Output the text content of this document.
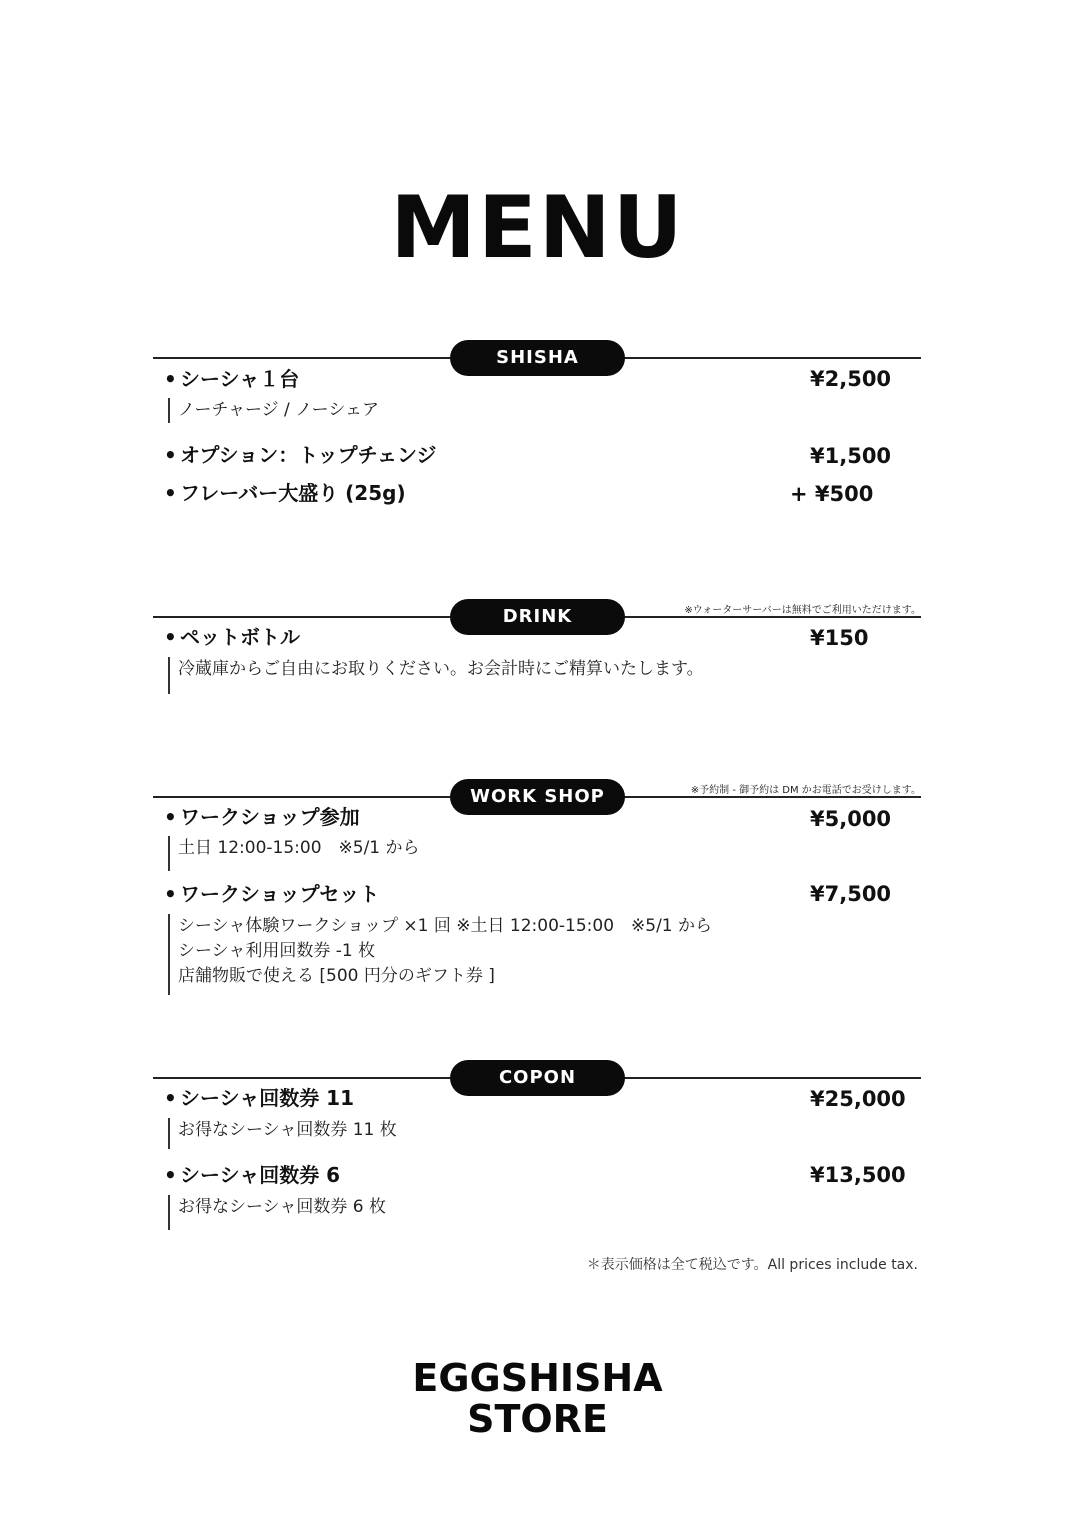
MENU
SHISHA
• シーシャ１台	¥2,500
ノーチャージ / ノーシェア
• オプション：トップチェンジ	¥1,500
• フレーバー大盛り (25g)	+ ¥500
DRINK	※ウォーターサーバーは無料でご利用いただけます。
• ペットボトル	¥150
冷蔵庫からご自由にお取りください。お会計時にご精算いたします。
WORK SHOP	※予約制 - 御予約は DM かお電話でお受けします。
• ワークショップ参加	¥5,000
土日 12:00-15:00　※5/1 から
• ワークショップセット	¥7,500
シーシャ体験ワークショップ ×1 回 ※土日 12:00-15:00　※5/1 から
シーシャ利用回数券 -1 枚
店舗物販で使える [500 円分のギフト券 ]
COPON
• シーシャ回数券 11	¥25,000
お得なシーシャ回数券 11 枚
• シーシャ回数券 6	¥13,500
お得なシーシャ回数券 6 枚
＊表示価格は全て税込です。All prices include tax.
EGGSHISHA
STORE
